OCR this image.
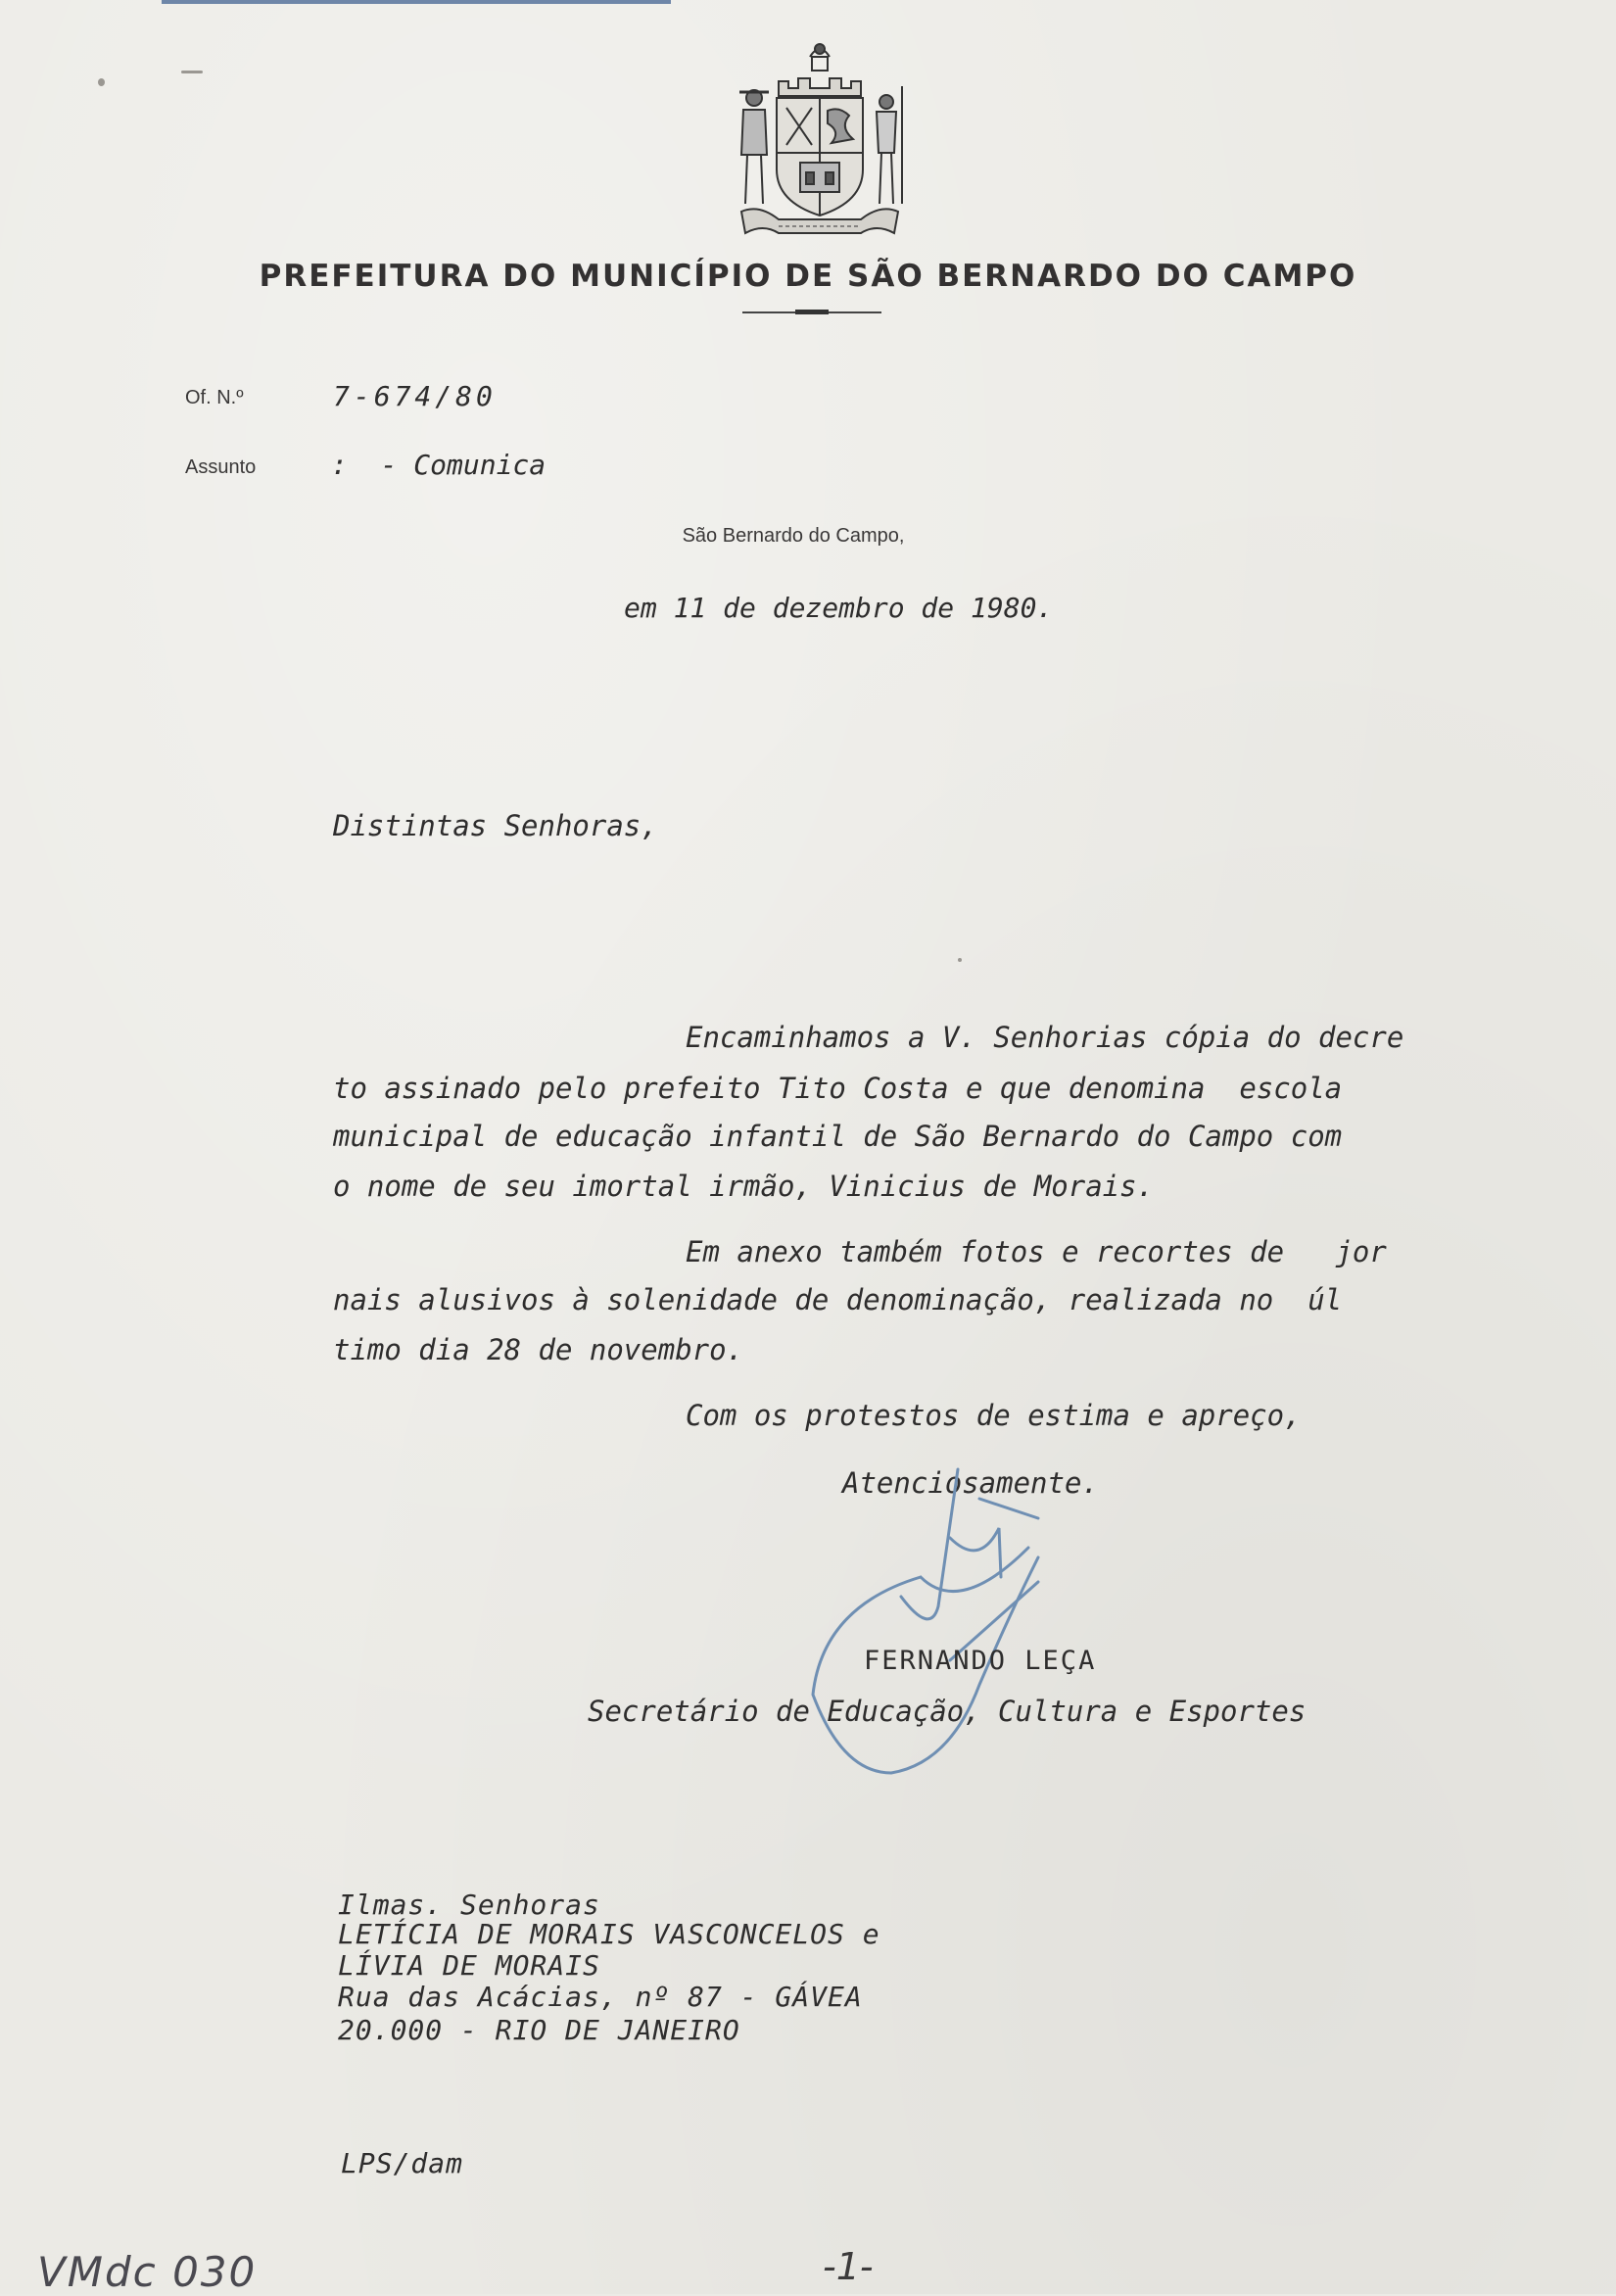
PREFEITURA DO MUNICÍPIO DE SÃO BERNARDO DO CAMPO
Of. N.º	7-674/80
Assunto	:  - Comunica
São Bernardo do Campo,
em 11 de dezembro de 1980.
Distintas Senhoras,
Encaminhamos a V. Senhorias cópia do decre
to assinado pelo prefeito Tito Costa e que denomina  escola
municipal de educação infantil de São Bernardo do Campo com
o nome de seu imortal irmão, Vinicius de Morais.
Em anexo também fotos e recortes de   jor
nais alusivos à solenidade de denominação, realizada no  úl
timo dia 28 de novembro.
Com os protestos de estima e apreço,
Atenciosamente.
FERNANDO LEÇA
Secretário de Educação, Cultura e Esportes
Ilmas. Senhoras
LETÍCIA DE MORAIS VASCONCELOS e
LÍVIA DE MORAIS
Rua das Acácias, nº 87 - GÁVEA
20.000 - RIO DE JANEIRO
LPS/dam
VMdc 030	-1-
